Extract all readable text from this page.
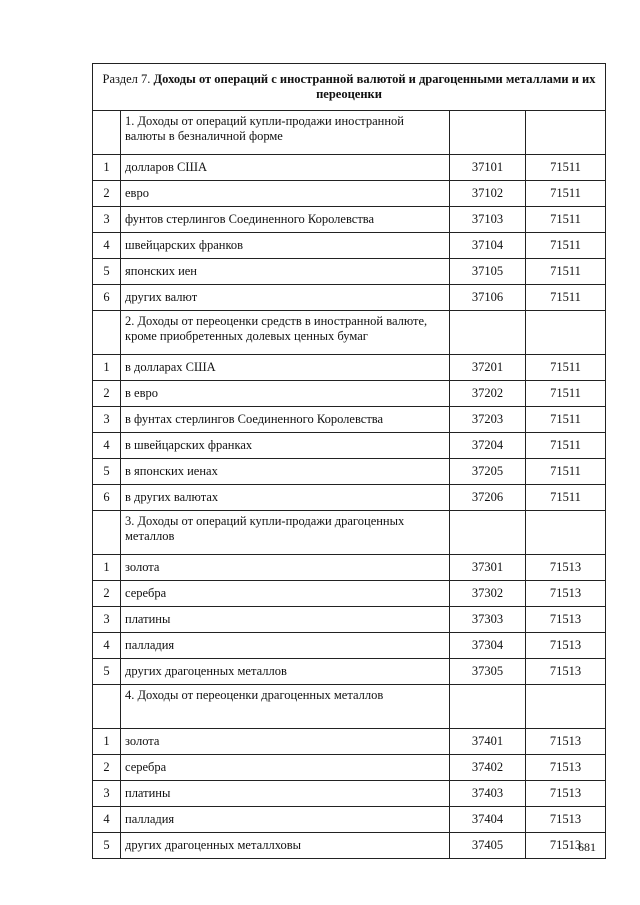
Раздел 7. Доходы от операций с иностранной валютой и драгоценными металлами и их переоценки			
	1. Доходы от операций купли-продажи иностранной валюты в безналичной форме		
1	долларов США	37101	71511
2	евро	37102	71511
3	фунтов стерлингов Соединенного Королевства	37103	71511
4	швейцарских франков	37104	71511
5	японских иен	37105	71511
6	других валют	37106	71511
	2. Доходы от переоценки средств в иностранной валюте, кроме приобретенных долевых ценных бумаг		
1	в долларах США	37201	71511
2	в евро	37202	71511
3	в фунтах стерлингов Соединенного Королевства	37203	71511
4	в швейцарских франках	37204	71511
5	в японских иенах	37205	71511
6	в других валютах	37206	71511
	3. Доходы от операций купли-продажи драгоценных металлов		
1	золота	37301	71513
2	серебра	37302	71513
3	платины	37303	71513
4	палладия	37304	71513
5	других драгоценных металлов	37305	71513
	4. Доходы от переоценки драгоценных металлов		
1	золота	37401	71513
2	серебра	37402	71513
3	платины	37403	71513
4	палладия	37404	71513
5	других драгоценных металлховы	37405	71513
681
